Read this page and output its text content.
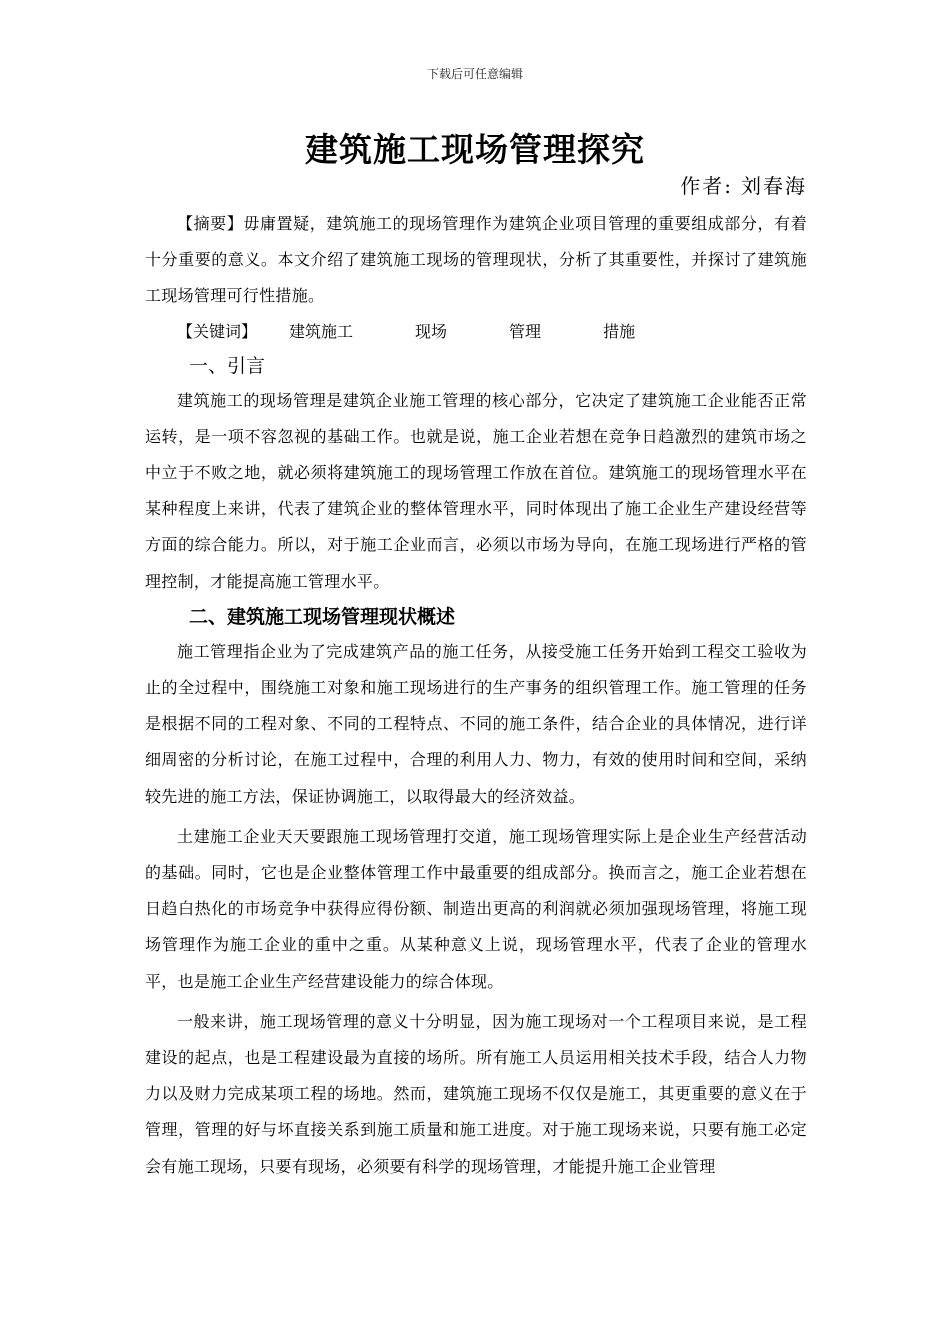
下载后可任意编辑
建筑施工现场管理探究
作者: 刘春海

【摘要】毋庸置疑，建筑施工的现场管理作为建筑企业项目管理的重要组成部分，有着十分重要的意义。本文介绍了建筑施工现场的管理现状，分析了其重要性，并探讨了建筑施工现场管理可行性措施。

【关键词】 建筑施工	现场	管理	措施

一、引言

建筑施工的现场管理是建筑企业施工管理的核心部分，它决定了建筑施工企业能否正常运转，是一项不容忽视的基础工作。也就是说，施工企业若想在竞争日趋激烈的建筑市场之中立于不败之地，就必须将建筑施工的现场管理工作放在首位。建筑施工的现场管理水平在某种程度上来讲，代表了建筑企业的整体管理水平，同时体现出了施工企业生产建设经营等方面的综合能力。所以，对于施工企业而言，必须以市场为导向，在施工现场进行严格的管理控制，才能提高施工管理水平。

二、建筑施工现场管理现状概述

施工管理指企业为了完成建筑产品的施工任务，从接受施工任务开始到工程交工验收为止的全过程中，围绕施工对象和施工现场进行的生产事务的组织管理工作。施工管理的任务是根据不同的工程对象、不同的工程特点、不同的施工条件，结合企业的具体情况，进行详细周密的分析讨论，在施工过程中，合理的利用人力、物力，有效的使用时间和空间，采纳较先进的施工方法，保证协调施工，以取得最大的经济效益。

土建施工企业天天要跟施工现场管理打交道，施工现场管理实际上是企业生产经营活动的基础。同时，它也是企业整体管理工作中最重要的组成部分。换而言之，施工企业若想在日趋白热化的市场竞争中获得应得份额、制造出更高的利润就必须加强现场管理，将施工现场管理作为施工企业的重中之重。从某种意义上说，现场管理水平，代表了企业的管理水平，也是施工企业生产经营建设能力的综合体现。

一般来讲，施工现场管理的意义十分明显，因为施工现场对一个工程项目来说，是工程建设的起点，也是工程建设最为直接的场所。所有施工人员运用相关技术手段，结合人力物力以及财力完成某项工程的场地。然而，建筑施工现场不仅仅是施工，其更重要的意义在于管理，管理的好与坏直接关系到施工质量和施工进度。对于施工现场来说，只要有施工必定会有施工现场，只要有现场，必须要有科学的现场管理，才能提升施工企业管理
